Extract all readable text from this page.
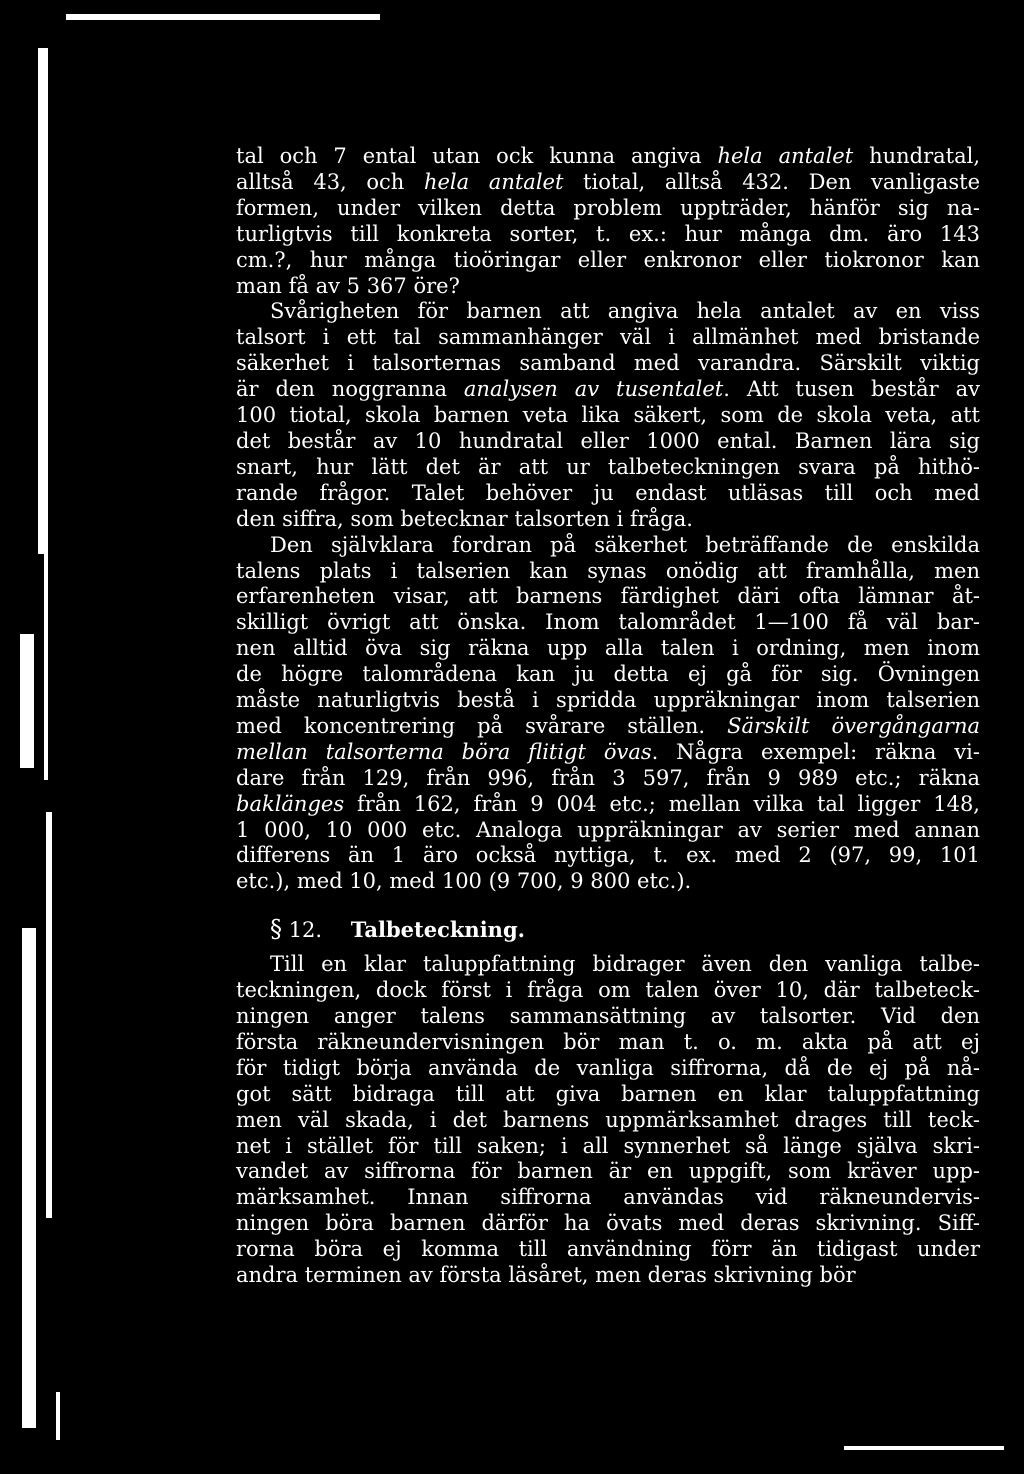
tal och 7 ental utan ock kunna angiva hela antalet hundratal,
alltså 43, och hela antalet tiotal, alltså 432. Den vanligaste
formen, under vilken detta problem uppträder, hänför sig na-
turligtvis till konkreta sorter, t. ex.: hur många dm. äro 143
cm.?, hur många tioöringar eller enkronor eller tiokronor kan
man få av 5 367 öre?
Svårigheten för barnen att angiva hela antalet av en viss
talsort i ett tal sammanhänger väl i allmänhet med bristande
säkerhet i talsorternas samband med varandra. Särskilt viktig
är den noggranna analysen av tusentalet. Att tusen består av
100 tiotal, skola barnen veta lika säkert, som de skola veta, att
det består av 10 hundratal eller 1000 ental. Barnen lära sig
snart, hur lätt det är att ur talbeteckningen svara på hithö-
rande frågor. Talet behöver ju endast utläsas till och med
den siffra, som betecknar talsorten i fråga.
Den självklara fordran på säkerhet beträffande de enskilda
talens plats i talserien kan synas onödig att framhålla, men
erfarenheten visar, att barnens färdighet däri ofta lämnar åt-
skilligt övrigt att önska. Inom talområdet 1—100 få väl bar-
nen alltid öva sig räkna upp alla talen i ordning, men inom
de högre talområdena kan ju detta ej gå för sig. Övningen
måste naturligtvis bestå i spridda uppräkningar inom talserien
med koncentrering på svårare ställen. Särskilt övergångarna
mellan talsorterna böra flitigt övas. Några exempel: räkna vi-
dare från 129, från 996, från 3 597, från 9 989 etc.; räkna
baklänges från 162, från 9 004 etc.; mellan vilka tal ligger 148,
1 000, 10 000 etc. Analoga uppräkningar av serier med annan
differens än 1 äro också nyttiga, t. ex. med 2 (97, 99, 101
etc.), med 10, med 100 (9 700, 9 800 etc.).
§ 12. Talbeteckning.
Till en klar taluppfattning bidrager även den vanliga talbe-
teckningen, dock först i fråga om talen över 10, där talbeteck-
ningen anger talens sammansättning av talsorter. Vid den
första räkneundervisningen bör man t. o. m. akta på att ej
för tidigt börja använda de vanliga siffrorna, då de ej på nå-
got sätt bidraga till att giva barnen en klar taluppfattning
men väl skada, i det barnens uppmärksamhet drages till teck-
net i stället för till saken; i all synnerhet så länge själva skri-
vandet av siffrorna för barnen är en uppgift, som kräver upp-
märksamhet. Innan siffrorna användas vid räkneundervis-
ningen böra barnen därför ha övats med deras skrivning. Siff-
rorna böra ej komma till användning förr än tidigast under
andra terminen av första läsåret, men deras skrivning bör
